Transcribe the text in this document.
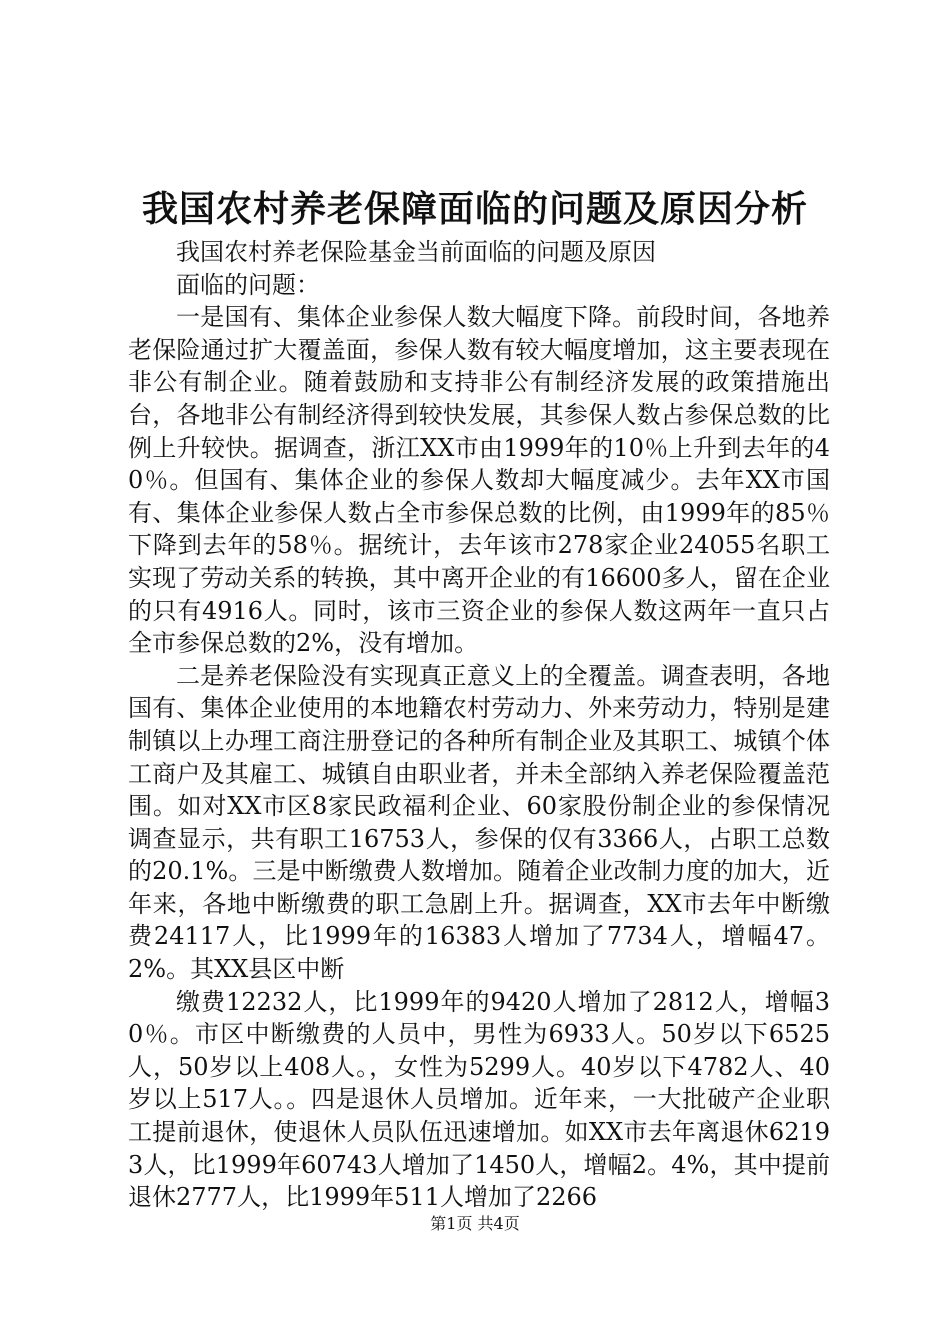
我国农村养老保障面临的问题及原因分析

我国农村养老保险基金当前面临的问题及原因

面临的问题：

一是国有、集体企业参保人数大幅度下降。前段时间，各地养老保险通过扩大覆盖面，参保人数有较大幅度增加，这主要表现在非公有制企业。随着鼓励和支持非公有制经济发展的政策措施出台，各地非公有制经济得到较快发展，其参保人数占参保总数的比例上升较快。据调查，浙江XX市由1999年的10％上升到去年的40％。但国有、集体企业的参保人数却大幅度减少。去年XX市国有、集体企业参保人数占全市参保总数的比例，由1999年的85％下降到去年的58％。据统计，去年该市278家企业24055名职工实现了劳动关系的转换，其中离开企业的有16600多人，留在企业的只有4916人。同时，该市三资企业的参保人数这两年一直只占全市参保总数的2%，没有增加。

二是养老保险没有实现真正意义上的全覆盖。调查表明，各地国有、集体企业使用的本地籍农村劳动力、外来劳动力，特别是建制镇以上办理工商注册登记的各种所有制企业及其职工、城镇个体工商户及其雇工、城镇自由职业者，并未全部纳入养老保险覆盖范围。如对XX市区8家民政福利企业、60家股份制企业的参保情况调查显示，共有职工16753人，参保的仅有3366人，占职工总数的20.1%。三是中断缴费人数增加。随着企业改制力度的加大，近年来，各地中断缴费的职工急剧上升。据调查，XX市去年中断缴费24117人，比1999年的16383人增加了7734人，增幅47。2%。其XX县区中断

缴费12232人，比1999年的9420人增加了2812人，增幅30％。市区中断缴费的人员中，男性为6933人。50岁以下6525人，50岁以上408人。，女性为5299人。40岁以下4782人、40岁以上517人。。四是退休人员增加。近年来，一大批破产企业职工提前退休，使退休人员队伍迅速增加。如XX市去年离退休62193人，比1999年60743人增加了1450人，增幅2。4%，其中提前退休2777人，比1999年511人增加了2266

第1页 共4页
